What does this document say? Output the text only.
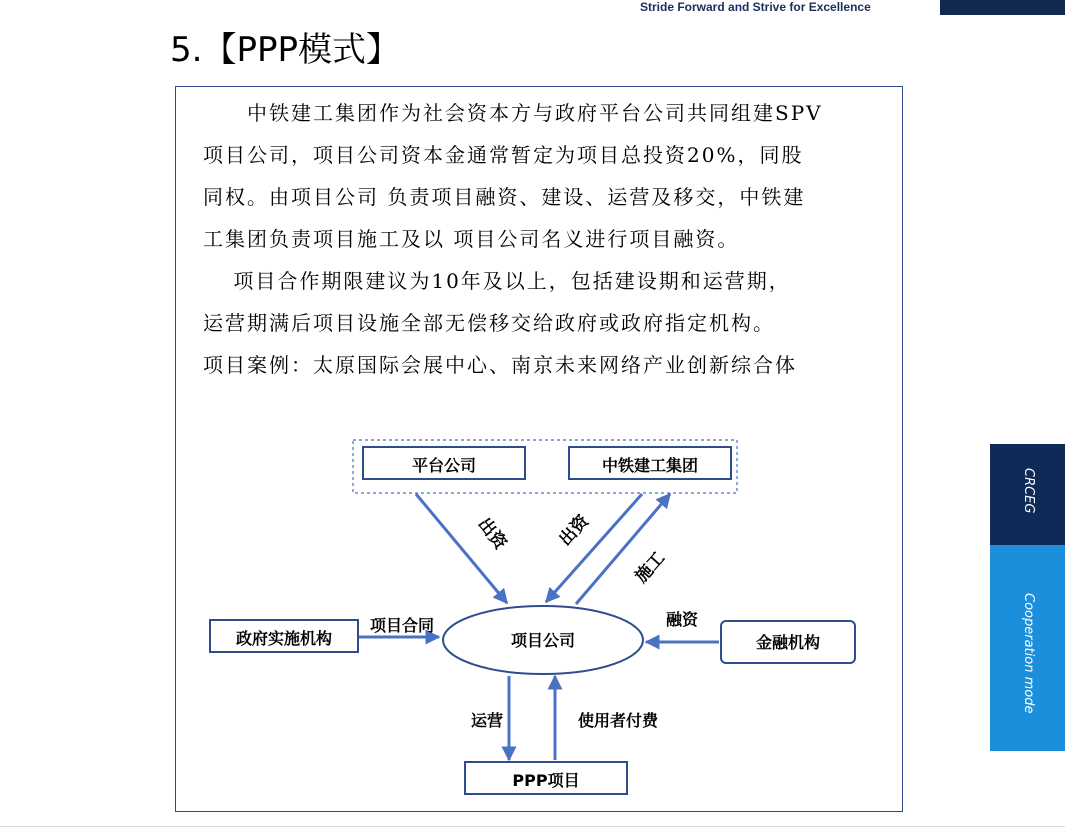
Stride Forward and Strive for Excellence
5.【PPP模式】

　　中铁建工集团作为社会资本方与政府平台公司共同组建SPV

项目公司，项目公司资本金通常暂定为项目总投资20%，同股

同权。由项目公司 负责项目融资、建设、运营及移交，中铁建

工集团负责项目施工及以 项目公司名义进行项目融资。

　 项目合作期限建议为10年及以上，包括建设期和运营期，

运营期满后项目设施全部无偿移交给政府或政府指定机构。

项目案例：太原国际会展中心、南京未来网络产业创新综合体

平台公司	中铁建工集团
政府实施机构	项目公司	金融机构
PPP项目
出资	出资
施工
项目合同	融资
运营	使用者付费
CRCEG
Cooperation mode
